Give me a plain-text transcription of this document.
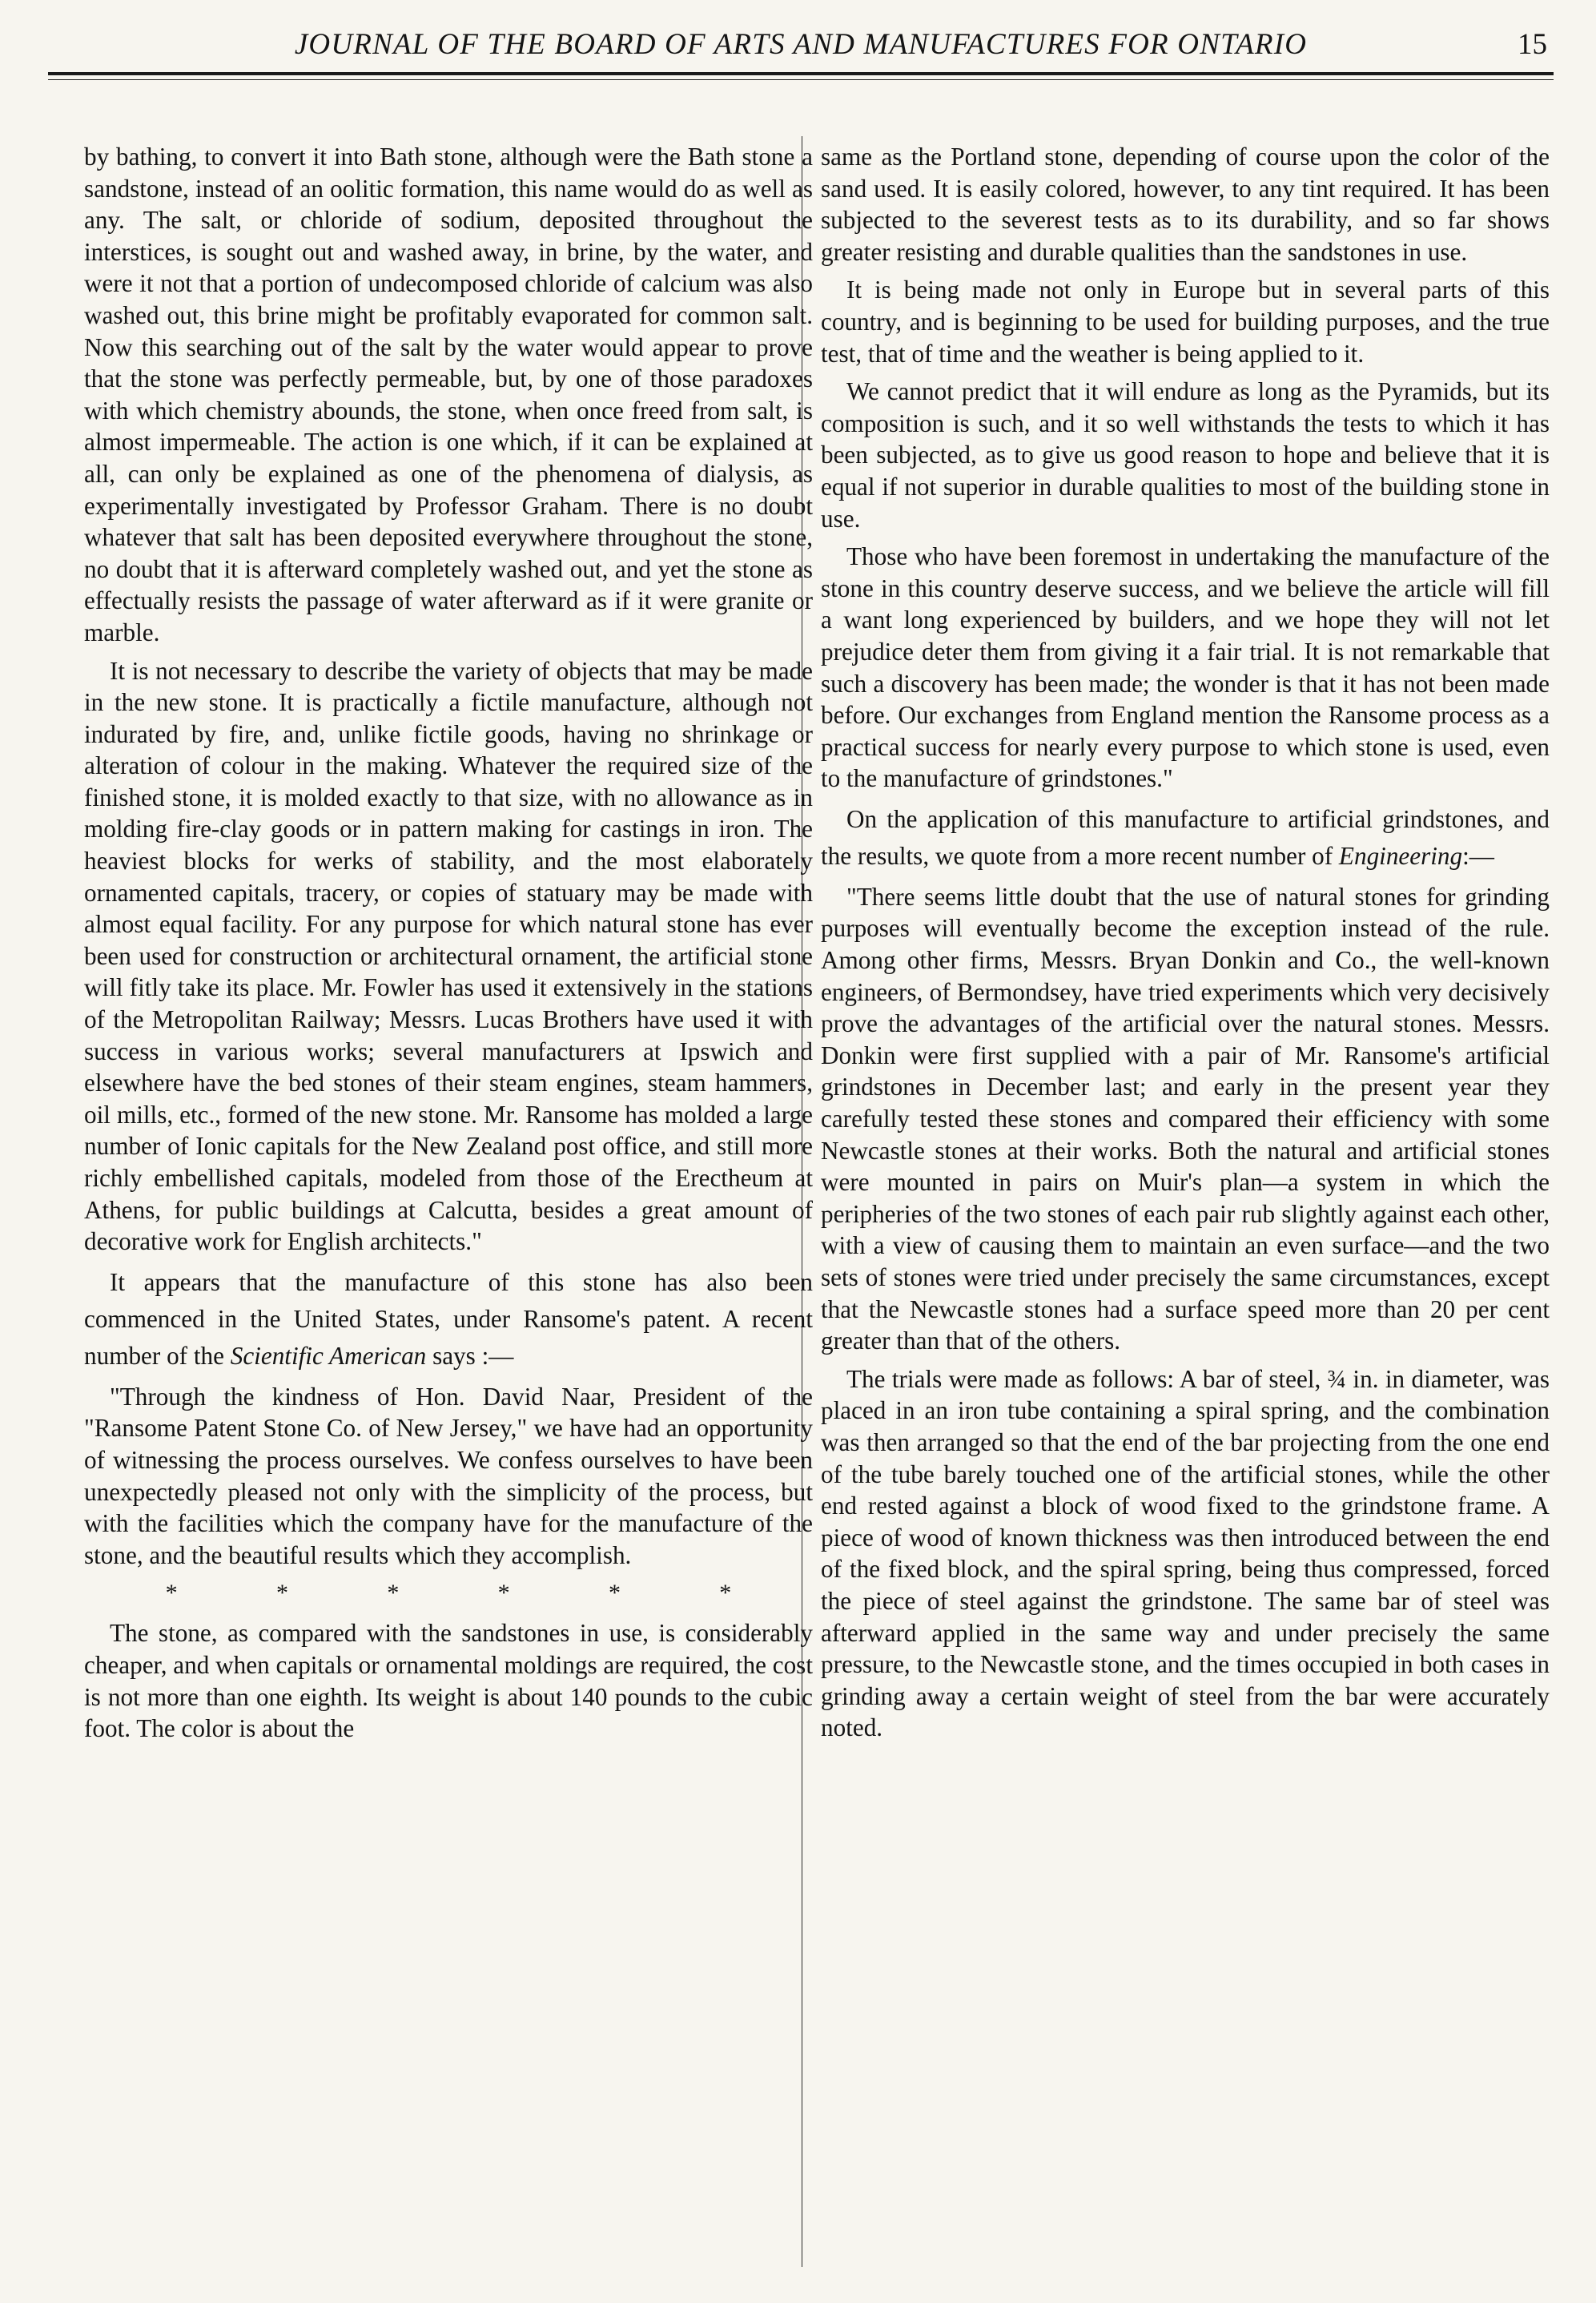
JOURNAL OF THE BOARD OF ARTS AND MANUFACTURES FOR ONTARIO	15

by bathing, to convert it into Bath stone, although were the Bath stone a sandstone, instead of an oolitic formation, this name would do as well as any. The salt, or chloride of sodium, deposited throughout the interstices, is sought out and washed away, in brine, by the water, and were it not that a portion of undecomposed chloride of calcium was also washed out, this brine might be profitably evaporated for common salt. Now this searching out of the salt by the water would appear to prove that the stone was perfectly permeable, but, by one of those paradoxes with which chemistry abounds, the stone, when once freed from salt, is almost impermeable. The action is one which, if it can be explained at all, can only be explained as one of the phenomena of dialysis, as experimentally investigated by Professor Graham. There is no doubt whatever that salt has been deposited everywhere throughout the stone, no doubt that it is afterward completely washed out, and yet the stone as effectually resists the passage of water afterward as if it were granite or marble.

It is not necessary to describe the variety of objects that may be made in the new stone. It is practically a fictile manufacture, although not indurated by fire, and, unlike fictile goods, having no shrinkage or alteration of colour in the making. Whatever the required size of the finished stone, it is molded exactly to that size, with no allowance as in molding fire-clay goods or in pattern making for castings in iron. The heaviest blocks for werks of stability, and the most elaborately ornamented capitals, tracery, or copies of statuary may be made with almost equal facility. For any purpose for which natural stone has ever been used for construction or architectural ornament, the artificial stone will fitly take its place. Mr. Fowler has used it extensively in the stations of the Metropolitan Railway; Messrs. Lucas Brothers have used it with success in various works; several manufacturers at Ipswich and elsewhere have the bed stones of their steam engines, steam hammers, oil mills, etc., formed of the new stone. Mr. Ransome has molded a large number of Ionic capitals for the New Zealand post office, and still more richly embellished capitals, modeled from those of the Erectheum at Athens, for public buildings at Calcutta, besides a great amount of decorative work for English architects."

It appears that the manufacture of this stone has also been commenced in the United States, under Ransome's patent. A recent number of the Scientific American says :—

"Through the kindness of Hon. David Naar, President of the "Ransome Patent Stone Co. of New Jersey," we have had an opportunity of witnessing the process ourselves. We confess ourselves to have been unexpectedly pleased not only with the simplicity of the process, but with the facilities which the company have for the manufacture of the stone, and the beautiful results which they accomplish.

*	*	*	*	*	*

The stone, as compared with the sandstones in use, is considerably cheaper, and when capitals or ornamental moldings are required, the cost is not more than one eighth. Its weight is about 140 pounds to the cubic foot. The color is about the

same as the Portland stone, depending of course upon the color of the sand used. It is easily colored, however, to any tint required. It has been subjected to the severest tests as to its durability, and so far shows greater resisting and durable qualities than the sandstones in use.

It is being made not only in Europe but in several parts of this country, and is beginning to be used for building purposes, and the true test, that of time and the weather is being applied to it.

We cannot predict that it will endure as long as the Pyramids, but its composition is such, and it so well withstands the tests to which it has been subjected, as to give us good reason to hope and believe that it is equal if not superior in durable qualities to most of the building stone in use.

Those who have been foremost in undertaking the manufacture of the stone in this country deserve success, and we believe the article will fill a want long experienced by builders, and we hope they will not let prejudice deter them from giving it a fair trial. It is not remarkable that such a discovery has been made; the wonder is that it has not been made before. Our exchanges from England mention the Ransome process as a practical success for nearly every purpose to which stone is used, even to the manufacture of grindstones."

On the application of this manufacture to artificial grindstones, and the results, we quote from a more recent number of Engineering:—

"There seems little doubt that the use of natural stones for grinding purposes will eventually become the exception instead of the rule. Among other firms, Messrs. Bryan Donkin and Co., the well-known engineers, of Bermondsey, have tried experiments which very decisively prove the advantages of the artificial over the natural stones. Messrs. Donkin were first supplied with a pair of Mr. Ransome's artificial grindstones in December last; and early in the present year they carefully tested these stones and compared their efficiency with some Newcastle stones at their works. Both the natural and artificial stones were mounted in pairs on Muir's plan—a system in which the peripheries of the two stones of each pair rub slightly against each other, with a view of causing them to maintain an even surface—and the two sets of stones were tried under precisely the same circumstances, except that the Newcastle stones had a surface speed more than 20 per cent greater than that of the others.

The trials were made as follows: A bar of steel, ¾ in. in diameter, was placed in an iron tube containing a spiral spring, and the combination was then arranged so that the end of the bar projecting from the one end of the tube barely touched one of the artificial stones, while the other end rested against a block of wood fixed to the grindstone frame. A piece of wood of known thickness was then introduced between the end of the fixed block, and the spiral spring, being thus compressed, forced the piece of steel against the grindstone. The same bar of steel was afterward applied in the same way and under precisely the same pressure, to the Newcastle stone, and the times occupied in both cases in grinding away a certain weight of steel from the bar were accurately noted.
